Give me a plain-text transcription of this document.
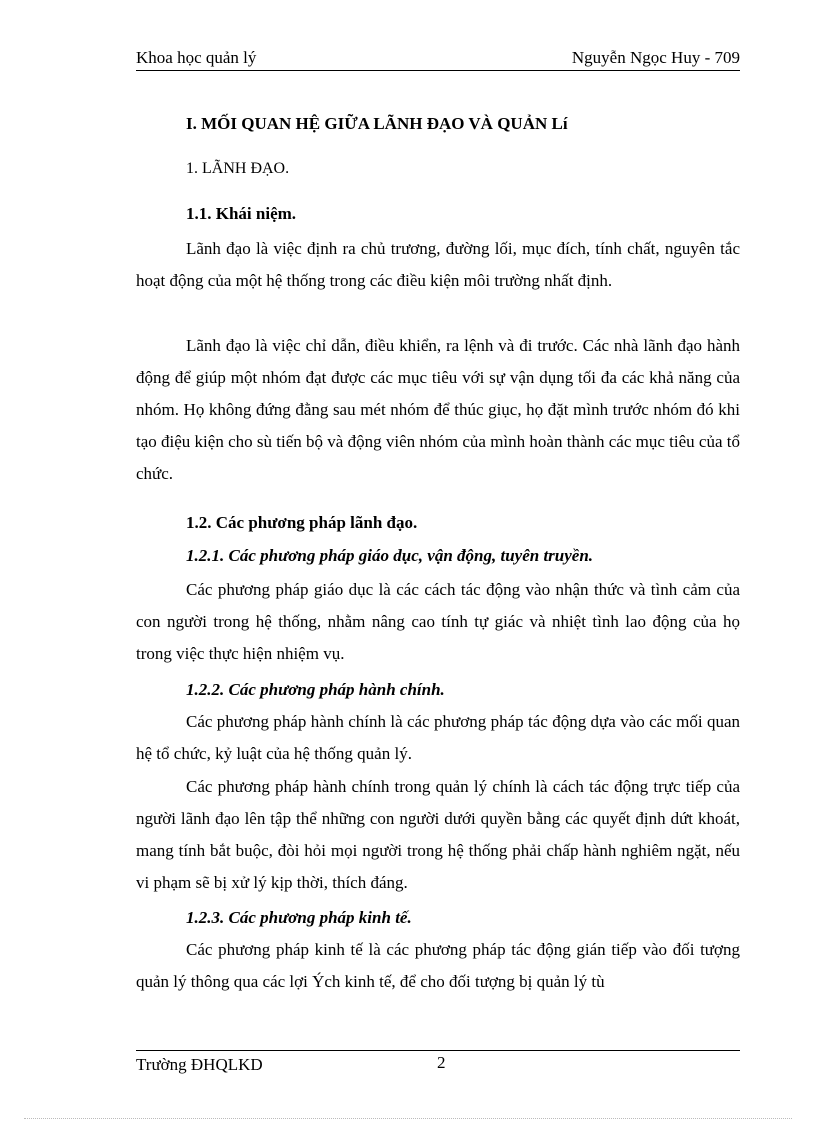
Khoa học quản lý	Nguyễn Ngọc Huy - 709
I. MỐI QUAN HỆ GIỮA LÃNH ĐẠO VÀ QUẢN Lí
1. LÃNH ĐẠO.
1.1. Khái niệm.

Lãnh đạo là việc định ra chủ trương, đường lối, mục đích, tính chất, nguyên tắc hoạt động của một hệ thống trong các điều kiện môi trường nhất định.

Lãnh đạo là việc chỉ dẫn, điều khiển, ra lệnh và đi trước. Các nhà lãnh đạo hành động để giúp một nhóm đạt được các mục tiêu với sự vận dụng tối đa các khả năng của nhóm. Họ không đứng đằng sau mét nhóm để thúc giục, họ đặt mình trước nhóm đó khi tạo điệu kiện cho sù tiến bộ và động viên nhóm của mình hoàn thành các mục tiêu của tổ chức.

1.2. Các phương pháp lãnh đạo.
1.2.1. Các phương pháp giáo dục, vận động, tuyên truyền.

Các phương pháp giáo dục là các cách tác động vào nhận thức và tình cảm của con người trong hệ thống, nhằm nâng cao tính tự giác và nhiệt tình lao động của họ trong việc thực hiện nhiệm vụ.

1.2.2. Các phương pháp hành chính.

Các phương pháp hành chính là các phương pháp tác động dựa vào các mối quan hệ tổ chức, kỷ luật của hệ thống quản lý.

Các phương pháp hành chính trong quản lý chính là cách tác động trực tiếp của người lãnh đạo lên tập thể những con người dưới quyền bằng các quyết định dứt khoát, mang tính bắt buộc, đòi hỏi mọi người trong hệ thống phải chấp hành nghiêm ngặt, nếu vi phạm sẽ bị xử lý kịp thời, thích đáng.

1.2.3. Các phương pháp kinh tế.

Các phương pháp kinh tế là các phương pháp tác động gián tiếp vào đối tượng quản lý thông qua các lợi Ých kinh tế, để cho đối tượng bị quản lý tù

Trường ĐHQLKD	2
